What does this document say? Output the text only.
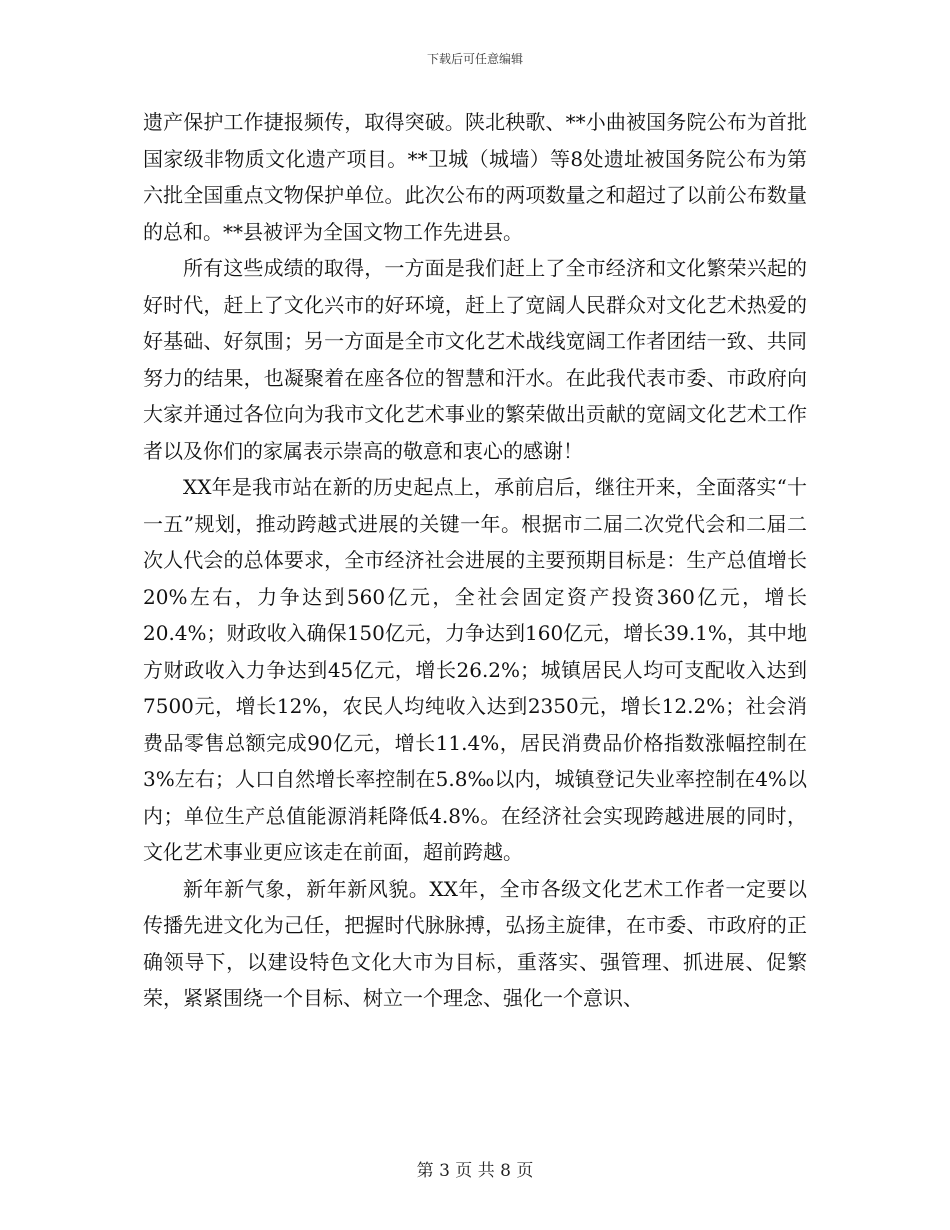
下载后可任意编辑

遗产保护工作捷报频传，取得突破。陕北秧歌、**小曲被国务院公布为首批国家级非物质文化遗产项目。**卫城（城墙）等8处遗址被国务院公布为第六批全国重点文物保护单位。此次公布的两项数量之和超过了以前公布数量的总和。**县被评为全国文物工作先进县。

所有这些成绩的取得，一方面是我们赶上了全市经济和文化繁荣兴起的好时代，赶上了文化兴市的好环境，赶上了宽阔人民群众对文化艺术热爱的好基础、好氛围；另一方面是全市文化艺术战线宽阔工作者团结一致、共同努力的结果，也凝聚着在座各位的智慧和汗水。在此我代表市委、市政府向大家并通过各位向为我市文化艺术事业的繁荣做出贡献的宽阔文化艺术工作者以及你们的家属表示崇高的敬意和衷心的感谢！

XX年是我市站在新的历史起点上，承前启后，继往开来，全面落实“十一五”规划，推动跨越式进展的关键一年。根据市二届二次党代会和二届二次人代会的总体要求，全市经济社会进展的主要预期目标是：生产总值增长20%左右，力争达到560亿元，全社会固定资产投资360亿元，增长20.4%；财政收入确保150亿元，力争达到160亿元，增长39.1%，其中地方财政收入力争达到45亿元，增长26.2%；城镇居民人均可支配收入达到7500元，增长12%，农民人均纯收入达到2350元，增长12.2%；社会消费品零售总额完成90亿元，增长11.4%，居民消费品价格指数涨幅控制在3%左右；人口自然增长率控制在5.8‰以内，城镇登记失业率控制在4%以内；单位生产总值能源消耗降低4.8%。在经济社会实现跨越进展的同时，文化艺术事业更应该走在前面，超前跨越。

新年新气象，新年新风貌。XX年，全市各级文化艺术工作者一定要以传播先进文化为己任，把握时代脉脉搏，弘扬主旋律，在市委、市政府的正确领导下，以建设特色文化大市为目标，重落实、强管理、抓进展、促繁荣，紧紧围绕一个目标、树立一个理念、强化一个意识、

第 3 页 共 8 页
